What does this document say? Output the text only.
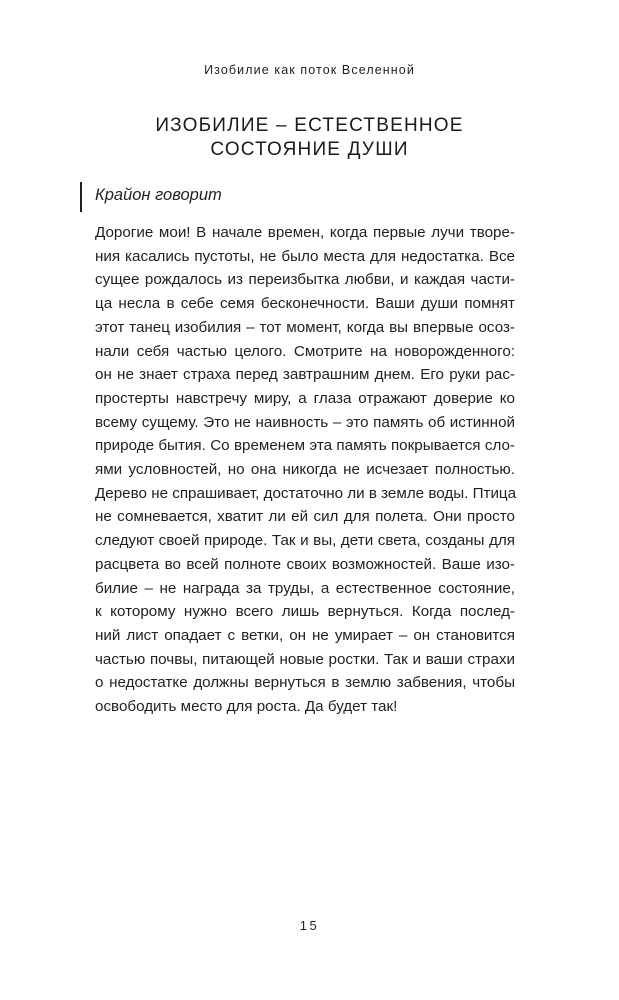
Изобилие как поток Вселенной
ИЗОБИЛИЕ – ЕСТЕСТВЕННОЕ
СОСТОЯНИЕ ДУШИ
Крайон говорит
Дорогие мои! В начале времен, когда первые лучи творе-
ния касались пустоты, не было места для недостатка. Все
сущее рождалось из переизбытка любви, и каждая части-
ца несла в себе семя бесконечности. Ваши души помнят
этот танец изобилия – тот момент, когда вы впервые осоз-
нали себя частью целого. Смотрите на новорожденного:
он не знает страха перед завтрашним днем. Его руки рас-
простерты навстречу миру, а глаза отражают доверие ко
всему сущему. Это не наивность – это память об истинной
природе бытия. Со временем эта память покрывается сло-
ями условностей, но она никогда не исчезает полностью.
Дерево не спрашивает, достаточно ли в земле воды. Птица
не сомневается, хватит ли ей сил для полета. Они просто
следуют своей природе. Так и вы, дети света, созданы для
расцвета во всей полноте своих возможностей. Ваше изо-
билие – не награда за труды, а естественное состояние,
к которому нужно всего лишь вернуться. Когда послед-
ний лист опадает с ветки, он не умирает – он становится
частью почвы, питающей новые ростки. Так и ваши страхи
о недостатке должны вернуться в землю забвения, чтобы
освободить место для роста. Да будет так!
15
